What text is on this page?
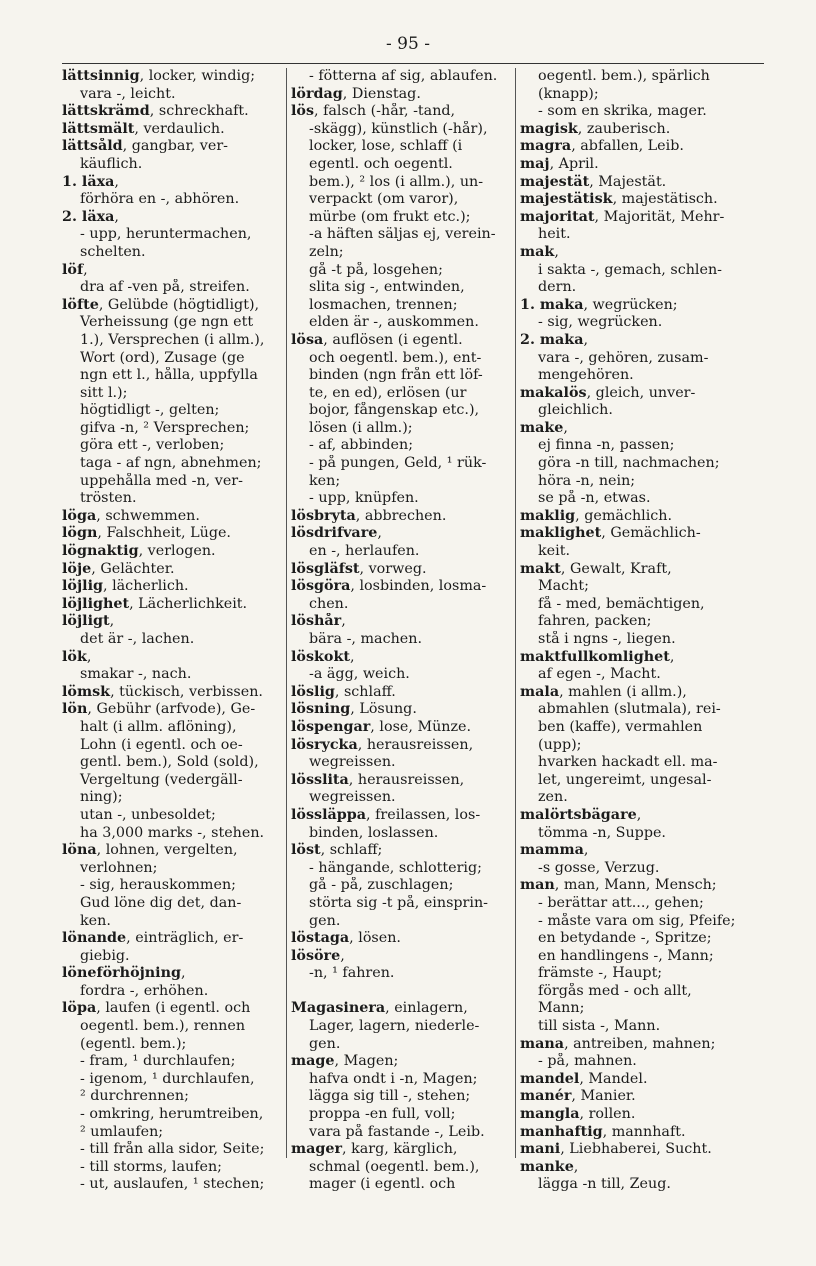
- 95 -
lättsinnig, locker, windig;
vara -, leicht.
lättskrämd, schreckhaft.
lättsmält, verdaulich.
lättsåld, gangbar, ver-
käuflich.
1. läxa,
förhöra en -, abhören.
2. läxa,
- upp, heruntermachen,
schelten.
löf,
dra af -ven på, streifen.
löfte, Gelübde (högtidligt),
Verheissung (ge ngn ett
1.), Versprechen (i allm.),
Wort (ord), Zusage (ge
ngn ett l., hålla, uppfylla
sitt l.);
högtidligt -, gelten;
gifva -n, ² Versprechen;
göra ett -, verloben;
taga - af ngn, abnehmen;
uppehålla med -n, ver-
trösten.
löga, schwemmen.
lögn, Falschheit, Lüge.
lögnaktig, verlogen.
löje, Gelächter.
löjlig, lächerlich.
löjlighet, Lächerlichkeit.
löjligt,
det är -, lachen.
lök,
smakar -, nach.
lömsk, tückisch, verbissen.
lön, Gebühr (arfvode), Ge-
halt (i allm. aflöning),
Lohn (i egentl. och oe-
gentl. bem.), Sold (sold),
Vergeltung (vedergäll-
ning);
utan -, unbesoldet;
ha 3,000 marks -, stehen.
löna, lohnen, vergelten,
verlohnen;
- sig, herauskommen;
Gud löne dig det, dan-
ken.
lönande, einträglich, er-
giebig.
löneförhöjning,
fordra -, erhöhen.
löpa, laufen (i egentl. och
oegentl. bem.), rennen
(egentl. bem.);
- fram, ¹ durchlaufen;
- igenom, ¹ durchlaufen,
² durchrennen;
- omkring, herumtreiben,
² umlaufen;
- till från alla sidor, Seite;
- till storms, laufen;
- ut, auslaufen, ¹ stechen;
- fötterna af sig, ablaufen.
lördag, Dienstag.
lös, falsch (-hår, -tand,
-skägg), künstlich (-hår),
locker, lose, schlaff (i
egentl. och oegentl.
bem.), ² los (i allm.), un-
verpackt (om varor),
mürbe (om frukt etc.);
-a häften säljas ej, verein-
zeln;
gå -t på, losgehen;
slita sig -, entwinden,
losmachen, trennen;
elden är -, auskommen.
lösa, auflösen (i egentl.
och oegentl. bem.), ent-
binden (ngn från ett löf-
te, en ed), erlösen (ur
bojor, fångenskap etc.),
lösen (i allm.);
- af, abbinden;
- på pungen, Geld, ¹ rük-
ken;
- upp, knüpfen.
lösbryta, abbrechen.
lösdrifvare,
en -, herlaufen.
lösgläfst, vorweg.
lösgöra, losbinden, losma-
chen.
löshår,
bära -, machen.
löskokt,
-a ägg, weich.
löslig, schlaff.
lösning, Lösung.
löspengar, lose, Münze.
lösrycka, herausreissen,
wegreissen.
lösslita, herausreissen,
wegreissen.
lössläppa, freilassen, los-
binden, loslassen.
löst, schlaff;
- hängande, schlotterig;
gå - på, zuschlagen;
störta sig -t på, einsprin-
gen.
löstaga, lösen.
lösöre,
-n, ¹ fahren.

Magasinera, einlagern,
Lager, lagern, niederle-
gen.
mage, Magen;
hafva ondt i -n, Magen;
lägga sig till -, stehen;
proppa -en full, voll;
vara på fastande -, Leib.
mager, karg, kärglich,
schmal (oegentl. bem.),
mager (i egentl. och
oegentl. bem.), spärlich
(knapp);
- som en skrika, mager.
magisk, zauberisch.
magra, abfallen, Leib.
maj, April.
majestät, Majestät.
majestätisk, majestätisch.
majoritat, Majorität, Mehr-
heit.
mak,
i sakta -, gemach, schlen-
dern.
1. maka, wegrücken;
- sig, wegrücken.
2. maka,
vara -, gehören, zusam-
mengehören.
makalös, gleich, unver-
gleichlich.
make,
ej finna -n, passen;
göra -n till, nachmachen;
höra -n, nein;
se på -n, etwas.
maklig, gemächlich.
maklighet, Gemächlich-
keit.
makt, Gewalt, Kraft,
Macht;
få - med, bemächtigen,
fahren, packen;
stå i ngns -, liegen.
maktfullkomlighet,
af egen -, Macht.
mala, mahlen (i allm.),
abmahlen (slutmala), rei-
ben (kaffe), vermahlen
(upp);
hvarken hackadt ell. ma-
let, ungereimt, ungesal-
zen.
malörtsbägare,
tömma -n, Suppe.
mamma,
-s gosse, Verzug.
man, man, Mann, Mensch;
- berättar att..., gehen;
- måste vara om sig, Pfeife;
en betydande -, Spritze;
en handlingens -, Mann;
främste -, Haupt;
förgås med - och allt,
Mann;
till sista -, Mann.
mana, antreiben, mahnen;
- på, mahnen.
mandel, Mandel.
manér, Manier.
mangla, rollen.
manhaftig, mannhaft.
mani, Liebhaberei, Sucht.
manke,
lägga -n till, Zeug.
